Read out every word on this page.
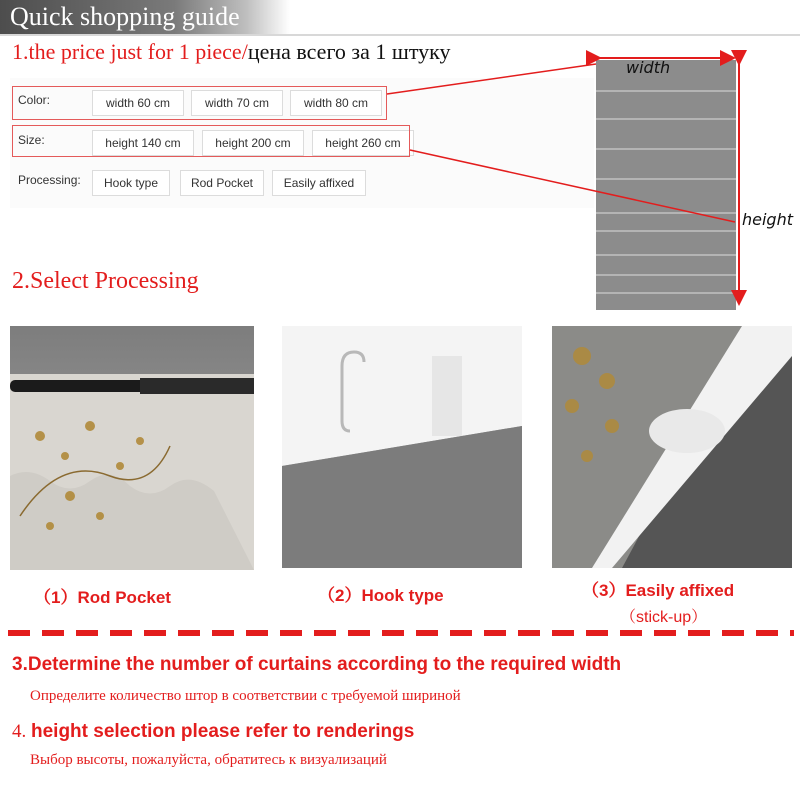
Quick shopping guide
1.the price just for 1 piece/цена всего за 1 штуку
Color:	width 60 cm	width 70 cm	width 80 cm
Size:	height 140 cm	height 200 cm	height 260 cm
Processing:	Hook type	Rod Pocket	Easily affixed
width
height
2.Select Processing
（1）Rod Pocket	（2）Hook type	（3）Easily affixed
（stick-up）
3.Determine the number of curtains according to the required width
Определите количество штор в соответствии с требуемой шириной
4. height selection please refer to renderings
Выбор высоты, пожалуйста, обратитесь к визуализаций
